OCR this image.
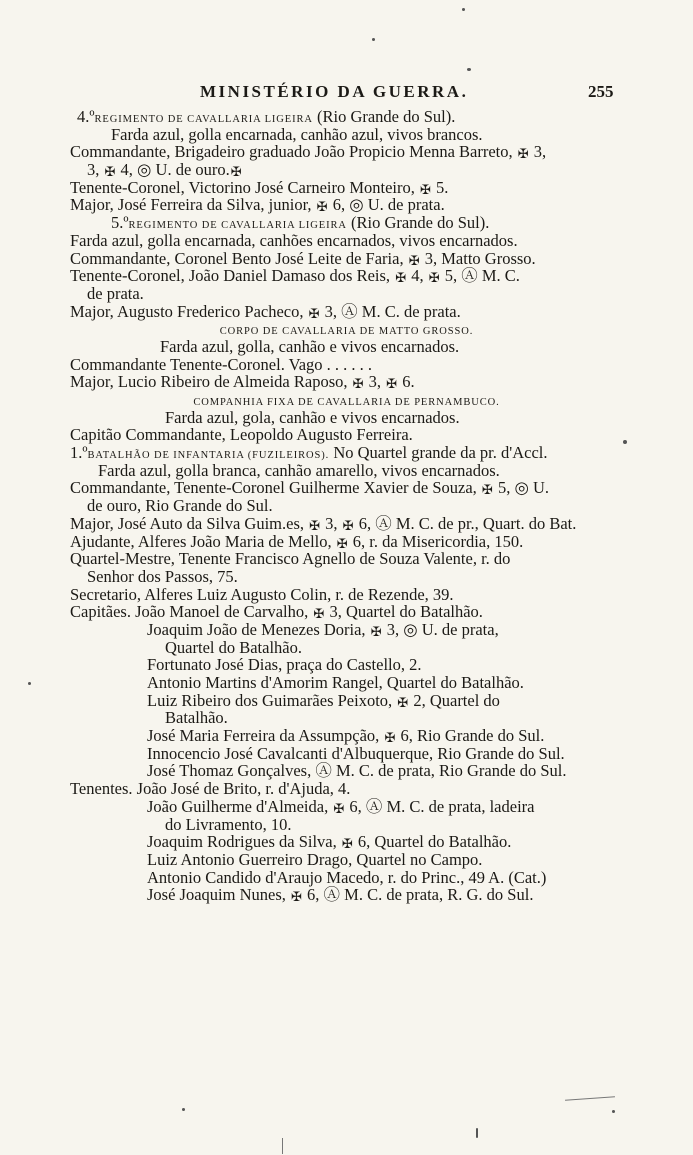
MINISTÉRIO DA GUERRA.	255
4.ºREGIMENTO DE CAVALLARIA LIGEIRA (Rio Grande do Sul).
Farda azul, golla encarnada, canhão azul, vivos brancos.
Commandante, Brigadeiro graduado João Propicio Menna Barreto, ✠ 3,
3, ✠ 4, ◎ U. de ouro.✠
Tenente-Coronel, Victorino José Carneiro Monteiro, ✠ 5.
Major, José Ferreira da Silva, junior, ✠ 6, ◎ U. de prata.
5.ºREGIMENTO DE CAVALLARIA LIGEIRA (Rio Grande do Sul).
Farda azul, golla encarnada, canhões encarnados, vivos encarnados.
Commandante, Coronel Bento José Leite de Faria, ✠ 3, Matto Grosso.
Tenente-Coronel, João Daniel Damaso dos Reis, ✠ 4, ✠ 5, Ⓐ M. C.
de prata.
Major, Augusto Frederico Pacheco, ✠ 3, Ⓐ M. C. de prata.
CORPO DE CAVALLARIA DE MATTO GROSSO.
Farda azul, golla, canhão e vivos encarnados.
Commandante Tenente-Coronel. Vago . . . . . .
Major, Lucio Ribeiro de Almeida Raposo, ✠ 3, ✠ 6.
COMPANHIA FIXA DE CAVALLARIA DE PERNAMBUCO.
Farda azul, gola, canhão e vivos encarnados.
Capitão Commandante, Leopoldo Augusto Ferreira.
1.ºBATALHÃO DE INFANTARIA (FUZILEIROS). No Quartel grande da pr. d'Accl.
Farda azul, golla branca, canhão amarello, vivos encarnados.
Commandante, Tenente-Coronel Guilherme Xavier de Souza, ✠ 5, ◎ U.
de ouro, Rio Grande do Sul.
Major, José Auto da Silva Guim.es, ✠ 3, ✠ 6, Ⓐ M. C. de pr., Quart. do Bat.
Ajudante, Alferes João Maria de Mello, ✠ 6, r. da Misericordia, 150.
Quartel-Mestre, Tenente Francisco Agnello de Souza Valente, r. do
Senhor dos Passos, 75.
Secretario, Alferes Luiz Augusto Colin, r. de Rezende, 39.
Capitães. João Manoel de Carvalho, ✠ 3, Quartel do Batalhão.
Joaquim João de Menezes Doria, ✠ 3, ◎ U. de prata,
Quartel do Batalhão.
Fortunato José Dias, praça do Castello, 2.
Antonio Martins d'Amorim Rangel, Quartel do Batalhão.
Luiz Ribeiro dos Guimarães Peixoto, ✠ 2, Quartel do
Batalhão.
José Maria Ferreira da Assumpção, ✠ 6, Rio Grande do Sul.
Innocencio José Cavalcanti d'Albuquerque, Rio Grande do Sul.
José Thomaz Gonçalves, Ⓐ M. C. de prata, Rio Grande do Sul.
Tenentes. João José de Brito, r. d'Ajuda, 4.
João Guilherme d'Almeida, ✠ 6, Ⓐ M. C. de prata, ladeira
do Livramento, 10.
Joaquim Rodrigues da Silva, ✠ 6, Quartel do Batalhão.
Luiz Antonio Guerreiro Drago, Quartel no Campo.
Antonio Candido d'Araujo Macedo, r. do Princ., 49 A. (Cat.)
José Joaquim Nunes, ✠ 6, Ⓐ M. C. de prata, R. G. do Sul.
